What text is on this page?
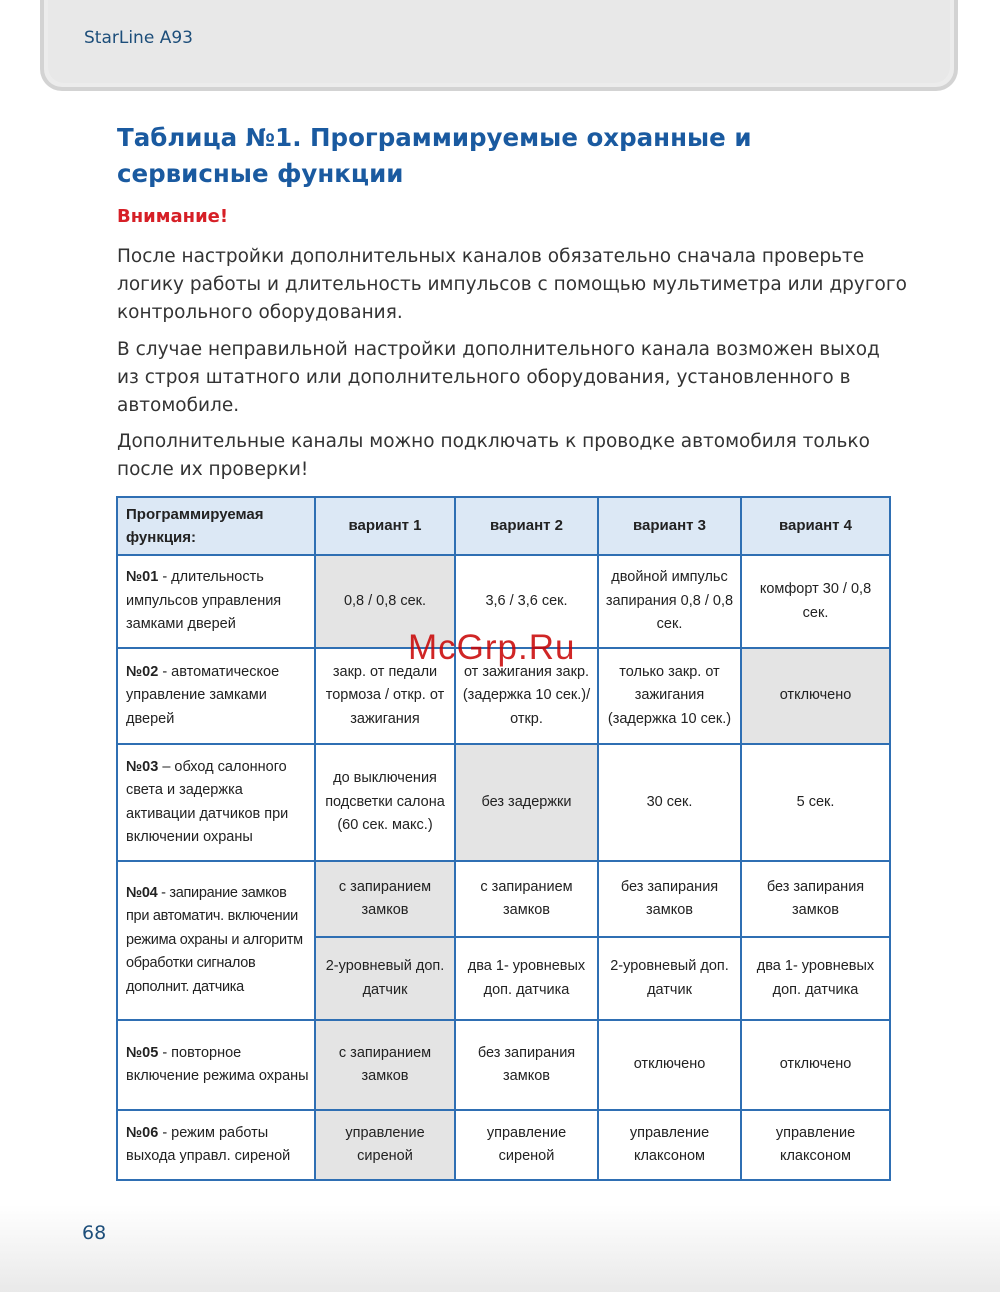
StarLine A93
Таблица №1. Программируемые охранные и сервисные функции
Внимание!

После настройки дополнительных каналов обязательно сначала проверьте логику работы и длительность импульсов с помощью мультиметра или другого контрольного оборудования.

В случае неправильной настройки дополнительного канала возможен выход из строя штатного или дополнительного оборудования, установленного в автомобиле.

Дополнительные каналы можно подключать к проводке автомобиля только после их проверки!

Программируемая функция:	вариант 1	вариант 2	вариант 3	вариант 4
№01 - длительность импульсов управления замками дверей	0,8 / 0,8 сек.	3,6 / 3,6 сек.	двойной импульс запирания 0,8 / 0,8 сек.	комфорт 30 / 0,8 сек.
№02 - автоматическое управление замками дверей	закр. от педали тормоза / откр. от зажигания	от зажигания закр. (задержка 10 сек.)/откр.	только закр. от зажигания (задержка 10 сек.)	отключено
№03 – обход салонного света и задержка активации датчиков при включении охраны	до выключения подсветки салона (60 сек. макс.)	без задержки	30 сек.	5 сек.
№04 - запирание замков при автоматич. включении режима охраны и алгоритм обработки сигналов дополнит. датчика	с запиранием замков	с запиранием замков	без запирания замков	без запирания замков
	2-уровневый доп. датчик	два 1- уровневых доп. датчика	2-уровневый доп. датчик	два 1- уровневых доп. датчика
№05 - повторное включение режима охраны	с запиранием замков	без запирания замков	отключено	отключено
№06 - режим работы выхода управл. сиреной	управление сиреной	управление сиреной	управление клаксоном	управление клаксоном
McGrp.Ru
68
